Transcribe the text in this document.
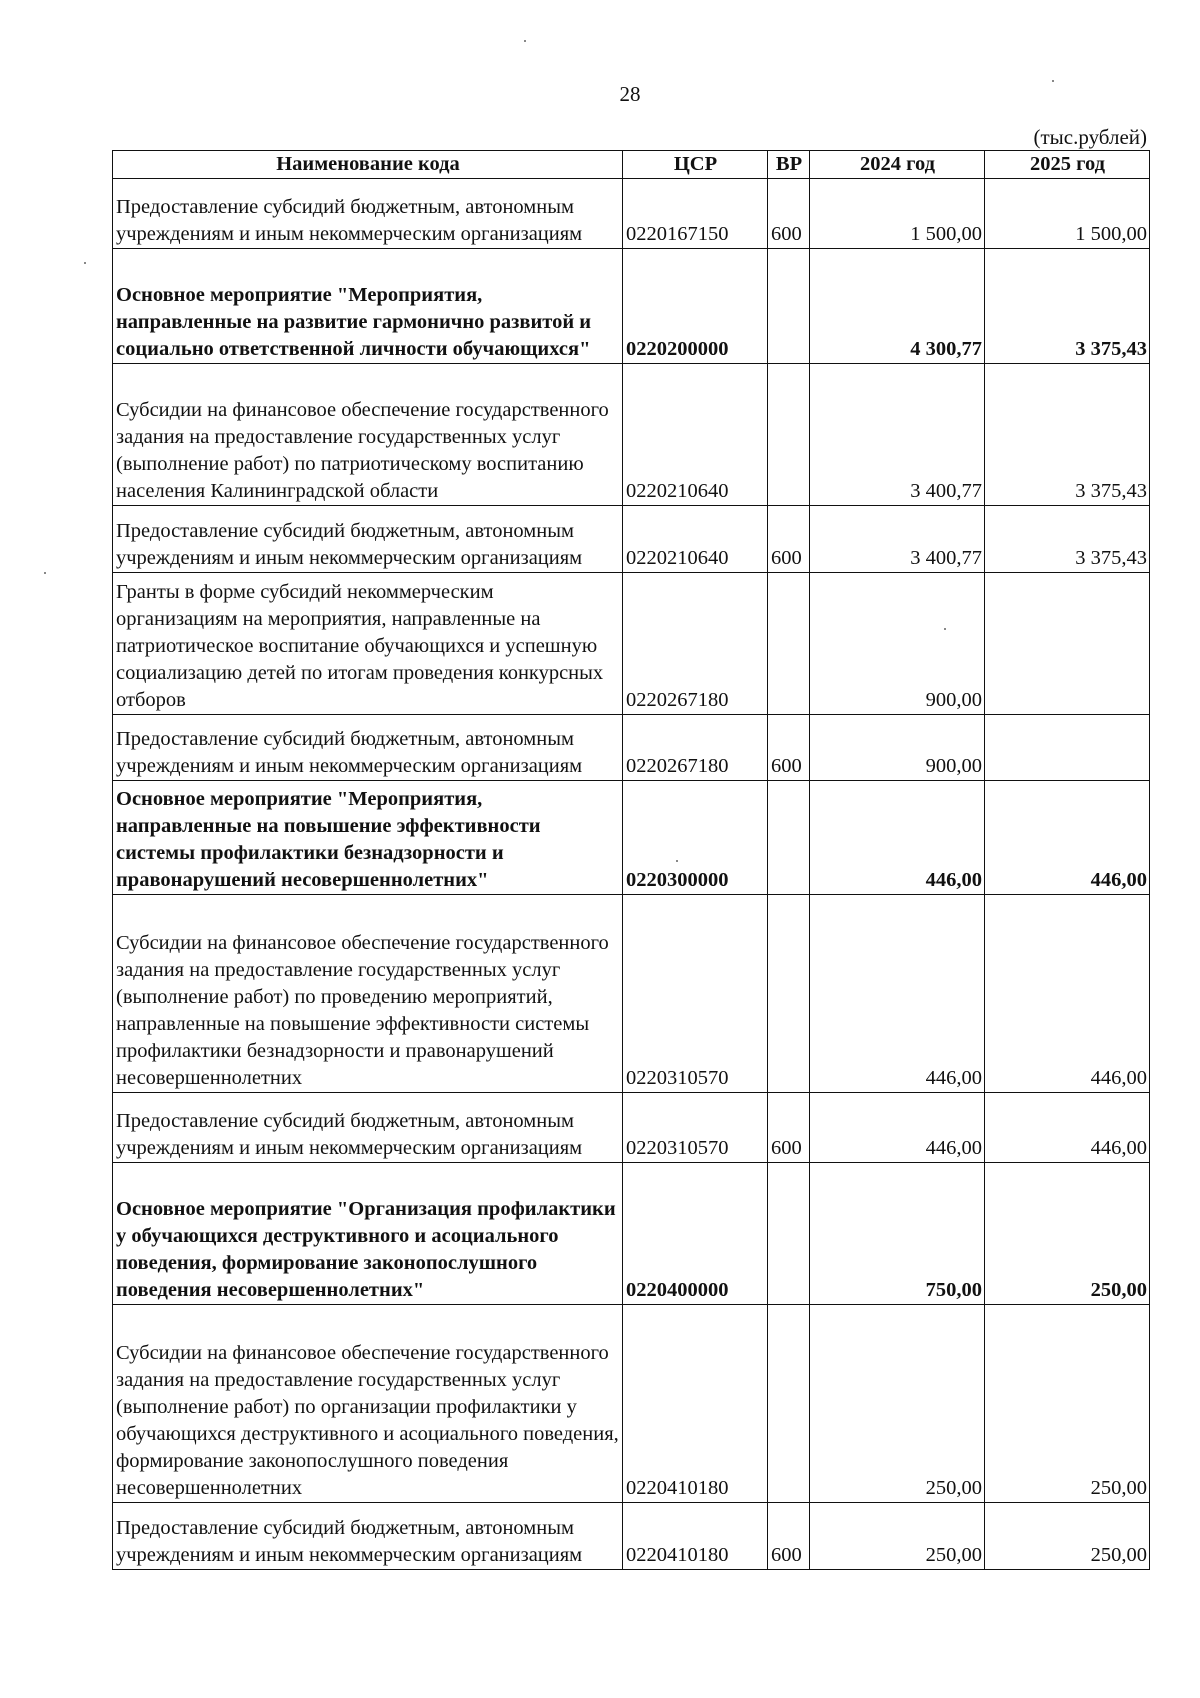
28
(тыс.рублей)
Наименование кода	ЦСР	ВР	2024 год	2025 год
Предоставление субсидий бюджетным, автономным учреждениям и иным некоммерческим организациям	0220167150	600	1 500,00	1 500,00
Основное мероприятие "Мероприятия, направленные на развитие гармонично развитой и социально ответственной личности обучающихся"	0220200000		4 300,77	3 375,43
Субсидии на финансовое обеспечение государственного задания на предоставление государственных услуг (выполнение работ) по патриотическому воспитанию населения Калининградской области	0220210640		3 400,77	3 375,43
Предоставление субсидий бюджетным, автономным учреждениям и иным некоммерческим организациям	0220210640	600	3 400,77	3 375,43
Гранты в форме субсидий некоммерческим организациям на мероприятия, направленные на патриотическое воспитание обучающихся и успешную социализацию детей по итогам проведения конкурсных отборов	0220267180		900,00	
Предоставление субсидий бюджетным, автономным учреждениям и иным некоммерческим организациям	0220267180	600	900,00	
Основное мероприятие "Мероприятия, направленные на повышение эффективности системы профилактики безнадзорности и правонарушений несовершеннолетних"	0220300000		446,00	446,00
Субсидии на финансовое обеспечение государственного задания на предоставление государственных услуг (выполнение работ) по проведению мероприятий, направленные на повышение эффективности системы профилактики безнадзорности и правонарушений несовершеннолетних	0220310570		446,00	446,00
Предоставление субсидий бюджетным, автономным учреждениям и иным некоммерческим организациям	0220310570	600	446,00	446,00
Основное мероприятие "Организация профилактики у обучающихся деструктивного и асоциального поведения, формирование законопослушного поведения несовершеннолетних"	0220400000		750,00	250,00
Субсидии на финансовое обеспечение государственного задания на предоставление государственных услуг (выполнение работ) по организации профилактики у обучающихся деструктивного и асоциального поведения, формирование законопослушного поведения несовершеннолетних	0220410180		250,00	250,00
Предоставление субсидий бюджетным, автономным учреждениям и иным некоммерческим организациям	0220410180	600	250,00	250,00
